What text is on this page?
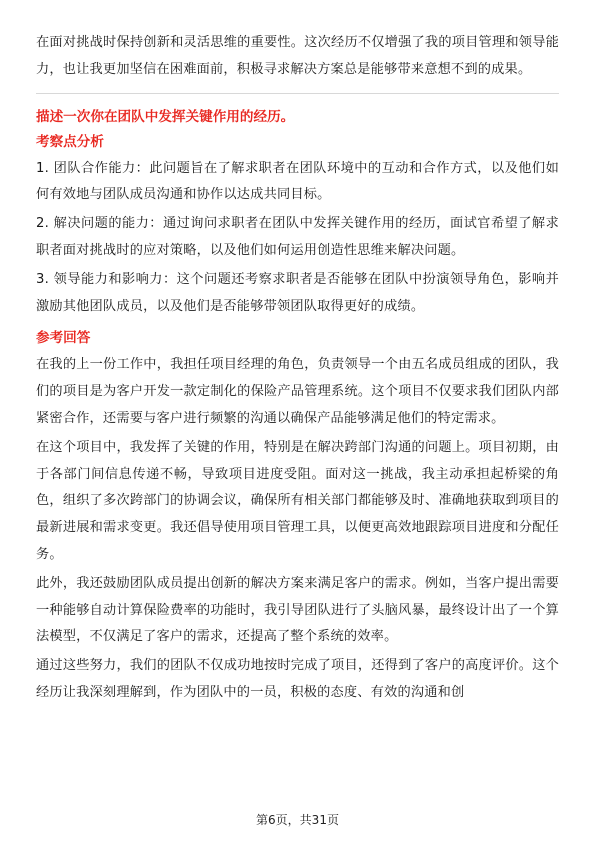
在面对挑战时保持创新和灵活思维的重要性。这次经历不仅增强了我的项目管理和领导能力，也让我更加坚信在困难面前，积极寻求解决方案总是能够带来意想不到的成果。

描述一次你在团队中发挥关键作用的经历。

考察点分析

1. 团队合作能力：此问题旨在了解求职者在团队环境中的互动和合作方式，以及他们如何有效地与团队成员沟通和协作以达成共同目标。

2. 解决问题的能力：通过询问求职者在团队中发挥关键作用的经历，面试官希望了解求职者面对挑战时的应对策略，以及他们如何运用创造性思维来解决问题。

3. 领导能力和影响力：这个问题还考察求职者是否能够在团队中扮演领导角色，影响并激励其他团队成员，以及他们是否能够带领团队取得更好的成绩。

参考回答

在我的上一份工作中，我担任项目经理的角色，负责领导一个由五名成员组成的团队，我们的项目是为客户开发一款定制化的保险产品管理系统。这个项目不仅要求我们团队内部紧密合作，还需要与客户进行频繁的沟通以确保产品能够满足他们的特定需求。

在这个项目中，我发挥了关键的作用，特别是在解决跨部门沟通的问题上。项目初期，由于各部门间信息传递不畅，导致项目进度受阻。面对这一挑战，我主动承担起桥梁的角色，组织了多次跨部门的协调会议，确保所有相关部门都能够及时、准确地获取到项目的最新进展和需求变更。我还倡导使用项目管理工具，以便更高效地跟踪项目进度和分配任务。

此外，我还鼓励团队成员提出创新的解决方案来满足客户的需求。例如，当客户提出需要一种能够自动计算保险费率的功能时，我引导团队进行了头脑风暴，最终设计出了一个算法模型，不仅满足了客户的需求，还提高了整个系统的效率。

通过这些努力，我们的团队不仅成功地按时完成了项目，还得到了客户的高度评价。这个经历让我深刻理解到，作为团队中的一员，积极的态度、有效的沟通和创

第6页，共31页
